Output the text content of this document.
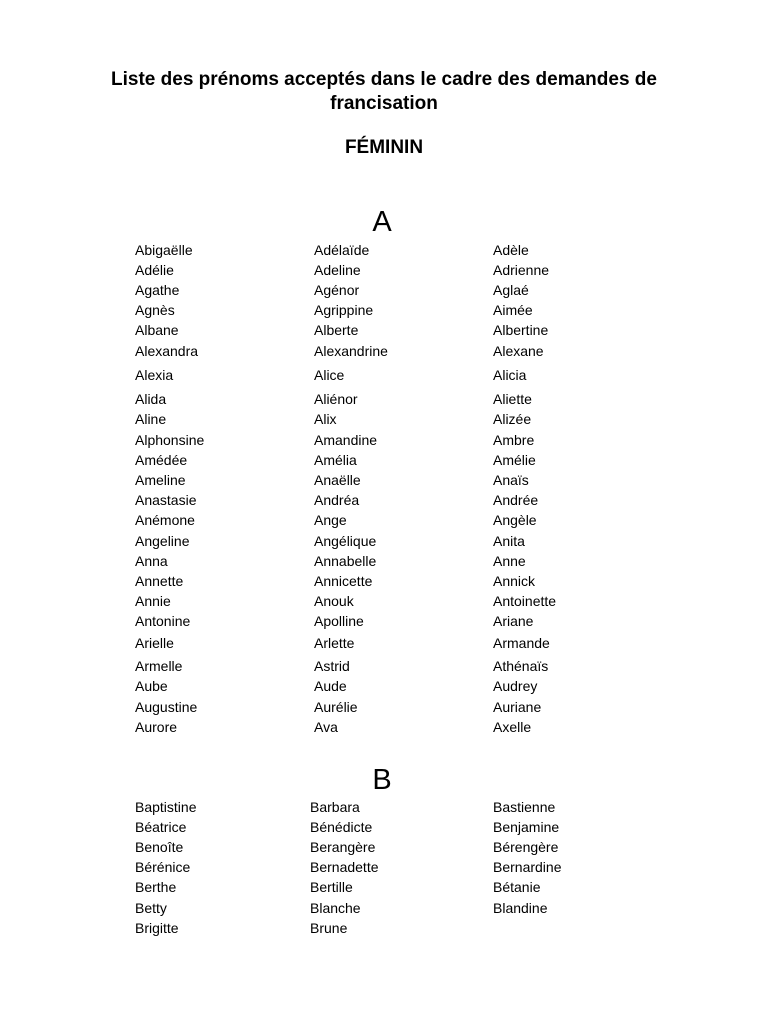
Liste des prénoms acceptés dans le cadre des demandes de
francisation
FÉMININ
A
Abigaëlle	Adélaïde	Adèle
Adélie	Adeline	Adrienne
Agathe	Agénor	Aglaé
Agnès	Agrippine	Aimée
Albane	Alberte	Albertine
Alexandra	Alexandrine	Alexane
Alexia	Alice	Alicia
Alida	Aliénor	Aliette
Aline	Alix	Alizée
Alphonsine	Amandine	Ambre
Amédée	Amélia	Amélie
Ameline	Anaëlle	Anaïs
Anastasie	Andréa	Andrée
Anémone	Ange	Angèle
Angeline	Angélique	Anita
Anna	Annabelle	Anne
Annette	Annicette	Annick
Annie	Anouk	Antoinette
Antonine	Apolline	Ariane
Arielle	Arlette	Armande
Armelle	Astrid	Athénaïs
Aube	Aude	Audrey
Augustine	Aurélie	Auriane
Aurore	Ava	Axelle
B
Baptistine	Barbara	Bastienne
Béatrice	Bénédicte	Benjamine
Benoîte	Berangère	Bérengère
Bérénice	Bernadette	Bernardine
Berthe	Bertille	Bétanie
Betty	Blanche	Blandine
Brigitte	Brune
